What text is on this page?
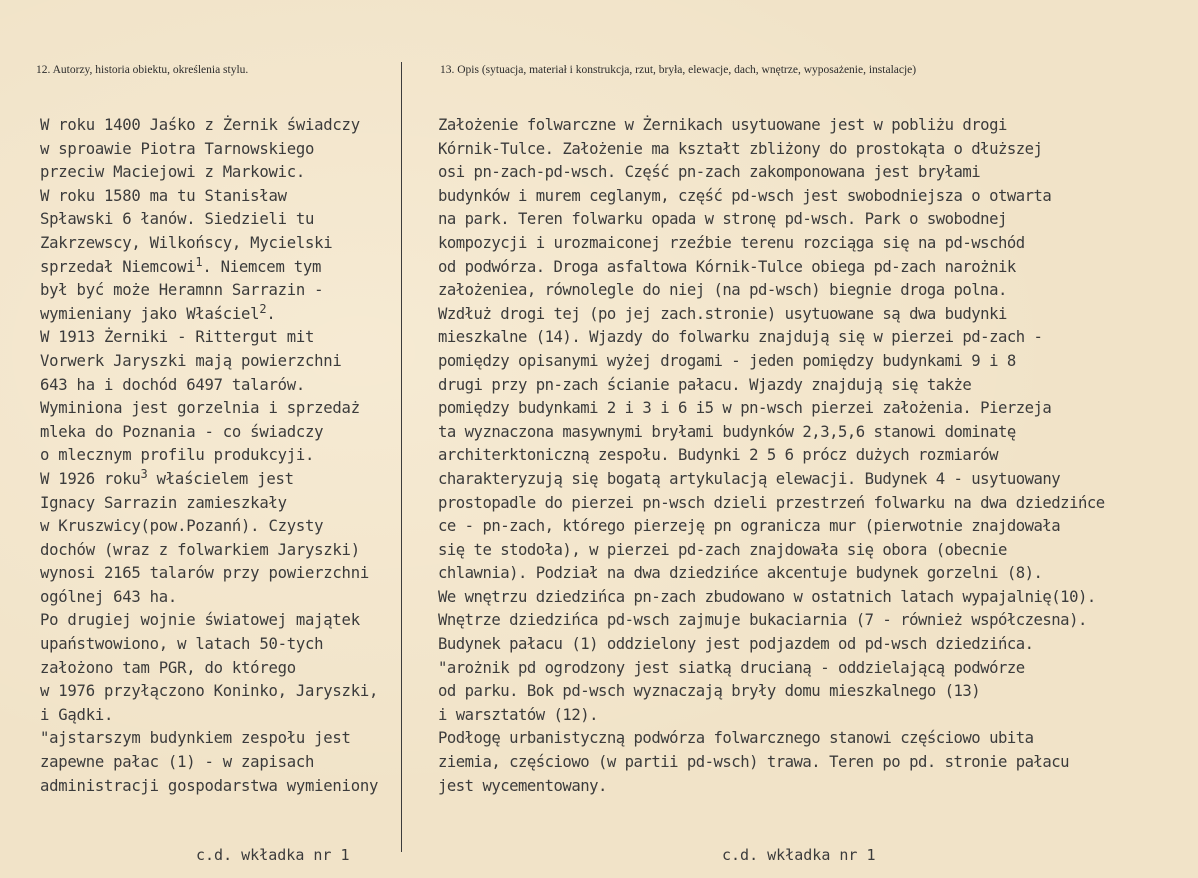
12. Autorzy, historia obiektu, określenia stylu.	13. Opis (sytuacja, materiał i konstrukcja, rzut, bryła, elewacje, dach, wnętrze, wyposażenie, instalacje)
W roku 1400 Jaśko z Żernik świadczy
w sproawie Piotra Tarnowskiego
przeciw Maciejowi z Markowic.
W roku 1580 ma tu Stanisław
Spławski 6 łanów. Siedzieli tu
Zakrzewscy, Wilkońscy, Mycielski
sprzedał Niemcowi$^1$. Niemcem tym
był być może Heramnn Sarrazin -
wymieniany jako Właściel$^2$.
W 1913 Żerniki - Rittergut mit
Vorwerk Jaryszki mają powierzchni
643 ha i dochód 6497 talarów.
Wyminiona jest gorzelnia i sprzedaż
mleka do Poznania - co świadczy
o mlecznym profilu produkcyji.
W 1926 roku$^3$ właścielem jest
Ignacy Sarrazin zamieszkały
w Kruszwicy(pow.Pozanń). Czysty
dochów (wraz z folwarkiem Jaryszki)
wynosi 2165 talarów przy powierzchni
ogólnej 643 ha.
Po drugiej wojnie światowej majątek
upaństwowiono, w latach 50-tych
założono tam PGR, do którego
w 1976 przyłączono Koninko, Jaryszki,
i Gądki.
"ajstarszym budynkiem zespołu jest
zapewne pałac (1) - w zapisach
administracji gospodarstwa wymieniony
Założenie folwarczne w Żernikach usytuowane jest w pobliżu drogi
Kórnik-Tulce. Założenie ma kształt zbliżony do prostokąta o dłuższej
osi pn-zach-pd-wsch. Część pn-zach zakomponowana jest bryłami
budynków i murem ceglanym, część pd-wsch jest swobodniejsza o otwarta
na park. Teren folwarku opada w stronę pd-wsch. Park o swobodnej
kompozycji i urozmaiconej rzeźbie terenu rozciąga się na pd-wschód
od podwórza. Droga asfaltowa Kórnik-Tulce obiega pd-zach narożnik
założeniea, równolegle do niej (na pd-wsch) biegnie droga polna.
Wzdłuż drogi tej (po jej zach.stronie) usytuowane są dwa budynki
mieszkalne (14). Wjazdy do folwarku znajdują się w pierzei pd-zach -
pomiędzy opisanymi wyżej drogami - jeden pomiędzy budynkami 9 i 8
drugi przy pn-zach ścianie pałacu. Wjazdy znajdują się także
pomiędzy budynkami 2 i 3 i 6 i5 w pn-wsch pierzei założenia. Pierzeja
ta wyznaczona masywnymi bryłami budynków 2,3,5,6 stanowi dominatę
architerktoniczną zespołu. Budynki 2 5 6 prócz dużych rozmiarów
charakteryzują się bogatą artykulacją elewacji. Budynek 4 - usytuowany
prostopadle do pierzei pn-wsch dzieli przestrzeń folwarku na dwa dziedzińce
ce - pn-zach, którego pierzeję pn ogranicza mur (pierwotnie znajdowała
się te stodoła), w pierzei pd-zach znajdowała się obora (obecnie
chlawnia). Podział na dwa dziedzińce akcentuje budynek gorzelni (8).
We wnętrzu dziedzińca pn-zach zbudowano w ostatnich latach wypajalnię(10).
Wnętrze dziedzińca pd-wsch zajmuje bukaciarnia (7 - również współczesna).
Budynek pałacu (1) oddzielony jest podjazdem od pd-wsch dziedzińca.
"arożnik pd ogrodzony jest siatką drucianą - oddzielającą podwórze
od parku. Bok pd-wsch wyznaczają bryły domu mieszkalnego (13)
i warsztatów (12).
Podłogę urbanistyczną podwórza folwarcznego stanowi częściowo ubita
ziemia, częściowo (w partii pd-wsch) trawa. Teren po pd. stronie pałacu
jest wycementowany.
c.d. wkładka nr 1	c.d. wkładka nr 1
